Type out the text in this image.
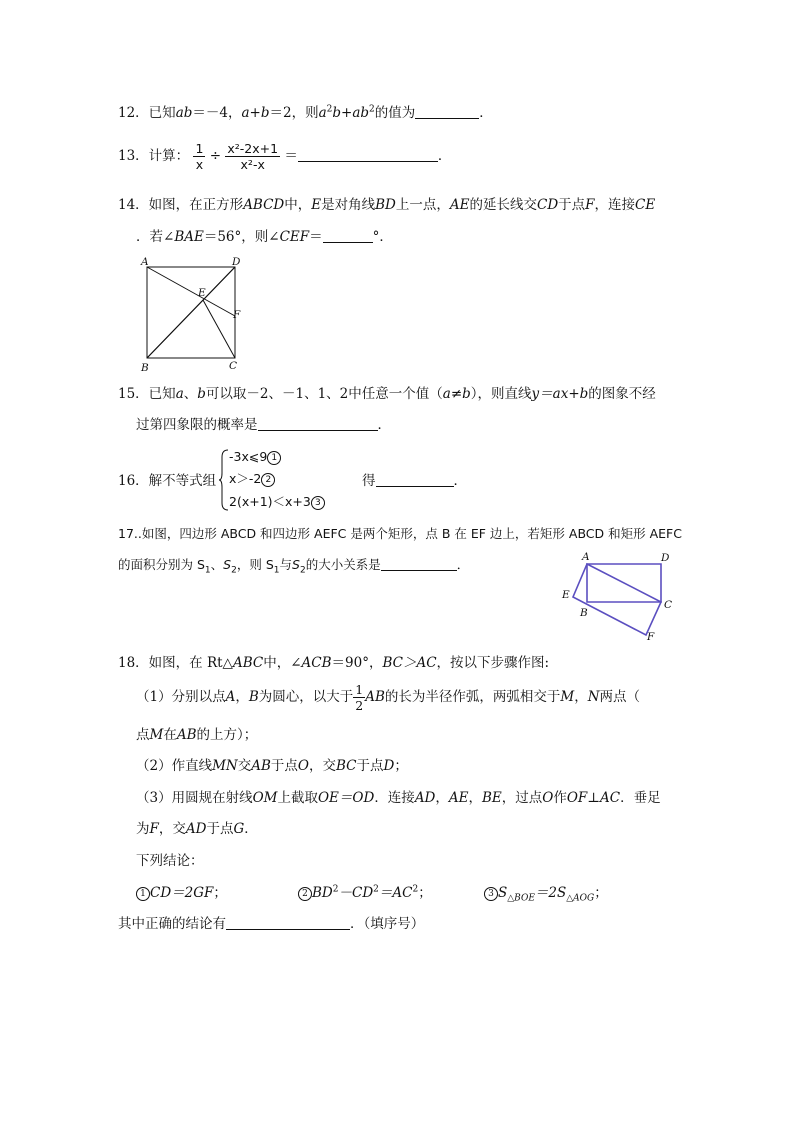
12．已知ab＝－4，a+b＝2，则$a^2b+ab^2$的值为	．
13．计算： $\frac{1}{x} \div \frac{\text{x²-2x+1}}{\text{x²-x}}$ ＝	．
14．如图，在正方形ABCD中，E是对角线BD上一点，AE的延长线交CD于点F，连接CE
．若∠BAE＝56°，则∠CEF＝	°．
A	D
E
F
B	C
15．已知a、b可以取－2、－1、1、2中任意一个值（a≠b），则直线y＝ax+b的图象不经
过第四象限的概率是	．
16．解不等式组
-3x⩽9 1
x＞-2 2
2(x+1)＜x+3 3
得	．
17..如图，四边形 ABCD 和四边形 AEFC 是两个矩形，点 B 在 EF 边上，若矩形 ABCD 和矩形 AEFC
的面积分别为 $S_1$、$S_2$，则 $S_1$与$S_2$的大小关系是	．	A	D
E
C
B
F
18．如图，在 Rt△ABC中，∠ACB＝90°，BC＞AC，按以下步骤作图:
（1）分别以点A，B为圆心，以大于 $\frac{1}{2}$ AB的长为半径作弧，两弧相交于M，N两点（
点M在AB的上方）；
（2）作直线MN交AB于点O，交BC于点D；
（3）用圆规在射线OM上截取OE＝OD．连接AD，AE，BE，过点O作OF⊥AC．垂足
为F，交AD于点G．
下列结论：
1 CD＝2GF；	2 $BD^2-CD^2=AC^2$；	3 $S_{\triangle BOE}=2S_{\triangle AOG}$；
其中正确的结论有	．（填序号）
